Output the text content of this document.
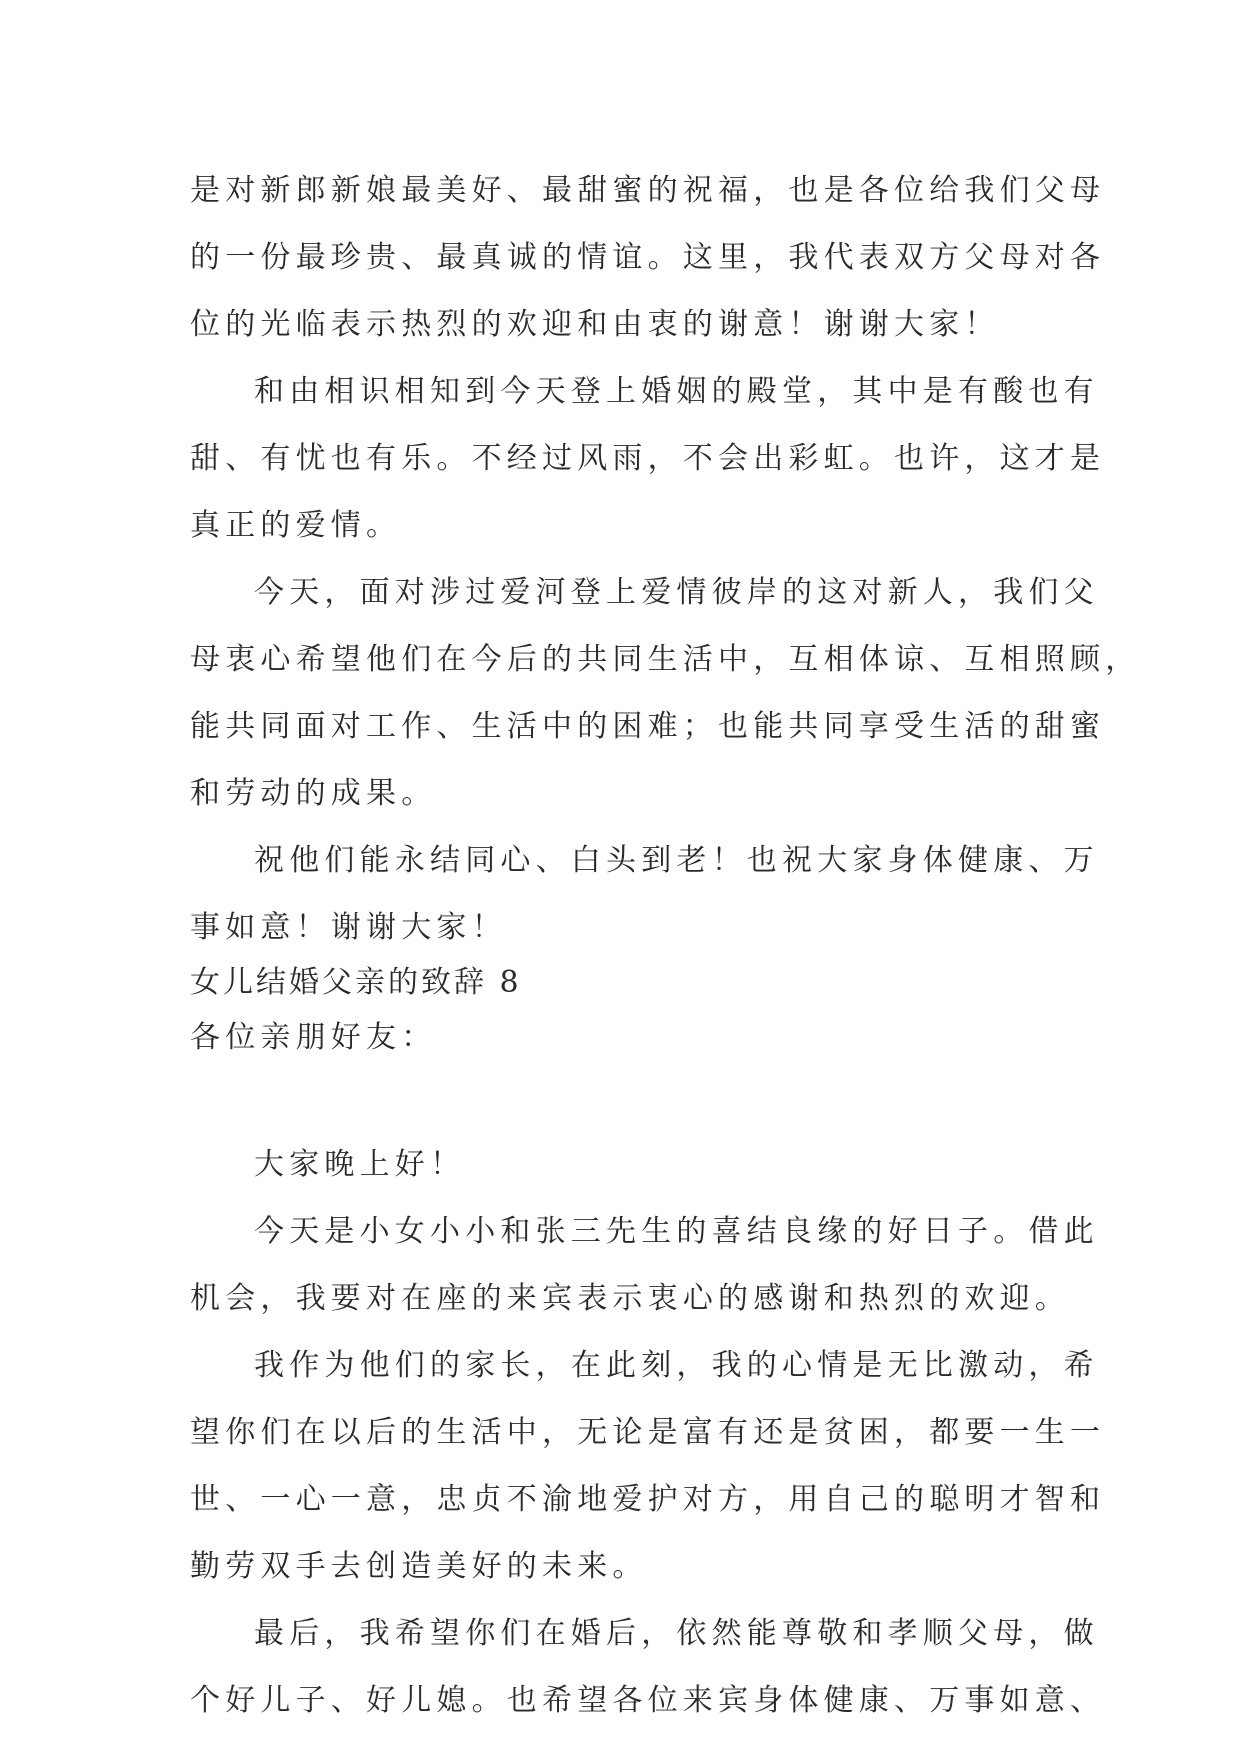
是对新郎新娘最美好、最甜蜜的祝福，也是各位给我们父母
的一份最珍贵、最真诚的情谊。这里，我代表双方父母对各
位的光临表示热烈的欢迎和由衷的谢意！谢谢大家！
和由相识相知到今天登上婚姻的殿堂，其中是有酸也有
甜、有忧也有乐。不经过风雨，不会出彩虹。也许，这才是
真正的爱情。
今天，面对涉过爱河登上爱情彼岸的这对新人，我们父
母衷心希望他们在今后的共同生活中，互相体谅、互相照顾，
能共同面对工作、生活中的困难；也能共同享受生活的甜蜜
和劳动的成果。
祝他们能永结同心、白头到老！也祝大家身体健康、万
事如意！谢谢大家！
女儿结婚父亲的致辞 8
各位亲朋好友：
大家晚上好！
今天是小女小小和张三先生的喜结良缘的好日子。借此
机会，我要对在座的来宾表示衷心的感谢和热烈的欢迎。
我作为他们的家长，在此刻，我的心情是无比激动，希
望你们在以后的生活中，无论是富有还是贫困，都要一生一
世、一心一意，忠贞不渝地爱护对方，用自己的聪明才智和
勤劳双手去创造美好的未来。
最后，我希望你们在婚后，依然能尊敬和孝顺父母，做
个好儿子、好儿媳。也希望各位来宾身体健康、万事如意、
